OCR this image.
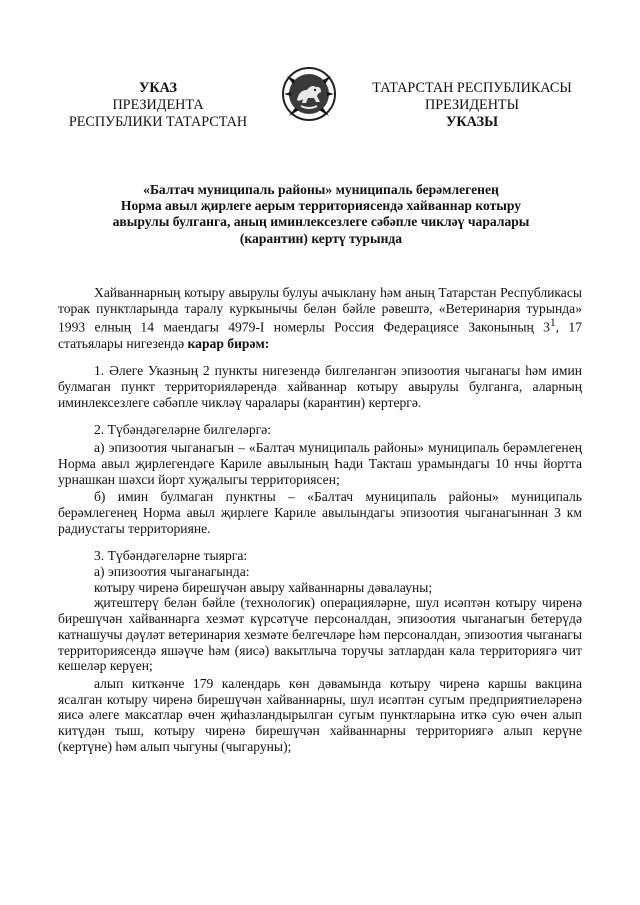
УКАЗ
ПРЕЗИДЕНТА
РЕСПУБЛИКИ ТАТАРСТАН
ТАТАРСТАН РЕСПУБЛИКАСЫ
ПРЕЗИДЕНТЫ
УКАЗЫ
«Балтач муниципаль районы» муниципаль берәмлегенең
Норма авыл җирлеге аерым территориясендә хайваннар котыру
авырулы булганга, аның иминлексезлеге сәбәпле чикләү чаралары
(карантин) кертү турында

Хайваннарның котыру авырулы булуы ачыклану һәм аның Татарстан Республикасы торак пунктларында таралу куркынычы белән бәйле рәвештә, «Ветеринария турында» 1993 елның 14 маендагы 4979-I номерлы Россия Федерациясе Законының $3^1$, 17 статьялары нигезендә карар бирәм:

1. Әлеге Указның 2 пункты нигезендә билгеләнгән эпизоотия чыганагы һәм имин булмаган пункт территорияләрендә хайваннар котыру авырулы булганга, аларның иминлексезлеге сәбәпле чикләү чаралары (карантин) кертергә.

2. Түбәндәгеләрне билгеләргә:

а) эпизоотия чыганагын – «Балтач муниципаль районы» муниципаль берәмлегенең Норма авыл җирлегендәге Кариле авылының Һади Такташ урамындагы 10 нчы йортта урнашкан шәхси йорт хуҗалыгы территориясен;

б) имин булмаган пунктны – «Балтач муниципаль районы» муниципаль берәмлегенең Норма авыл җирлеге Кариле авылындагы эпизоотия чыганагыннан 3 км радиустагы территорияне.

3. Түбәндәгеләрне тыярга:

а) эпизоотия чыганагында:

котыру чиренә бирешүчән авыру хайваннарны дәвалауны;

җитештерү белән бәйле (технологик) операцияләрне, шул исәптән котыру чиренә бирешүчән хайваннарга хезмәт күрсәтүче персоналдан, эпизоотия чыганагын бетерүдә катнашучы дәүләт ветеринария хезмәте белгечләре һәм персоналдан, эпизоотия чыганагы территориясендә яшәүче һәм (яисә) вакытлыча торучы затлардан кала территориягә чит кешеләр керүен;

алып киткәнче 179 календарь көн дәвамында котыру чиренә каршы вакцина ясалган котыру чиренә бирешүчән хайваннарны, шул исәптән сугым предприятиеләренә яисә әлеге максатлар өчен җиһазландырылган сугым пунктларына иткә сую өчен алып китүдән тыш, котыру чиренә бирешүчән хайваннарны территориягә алып керүне (кертүне) һәм алып чыгуны (чыгаруны);
